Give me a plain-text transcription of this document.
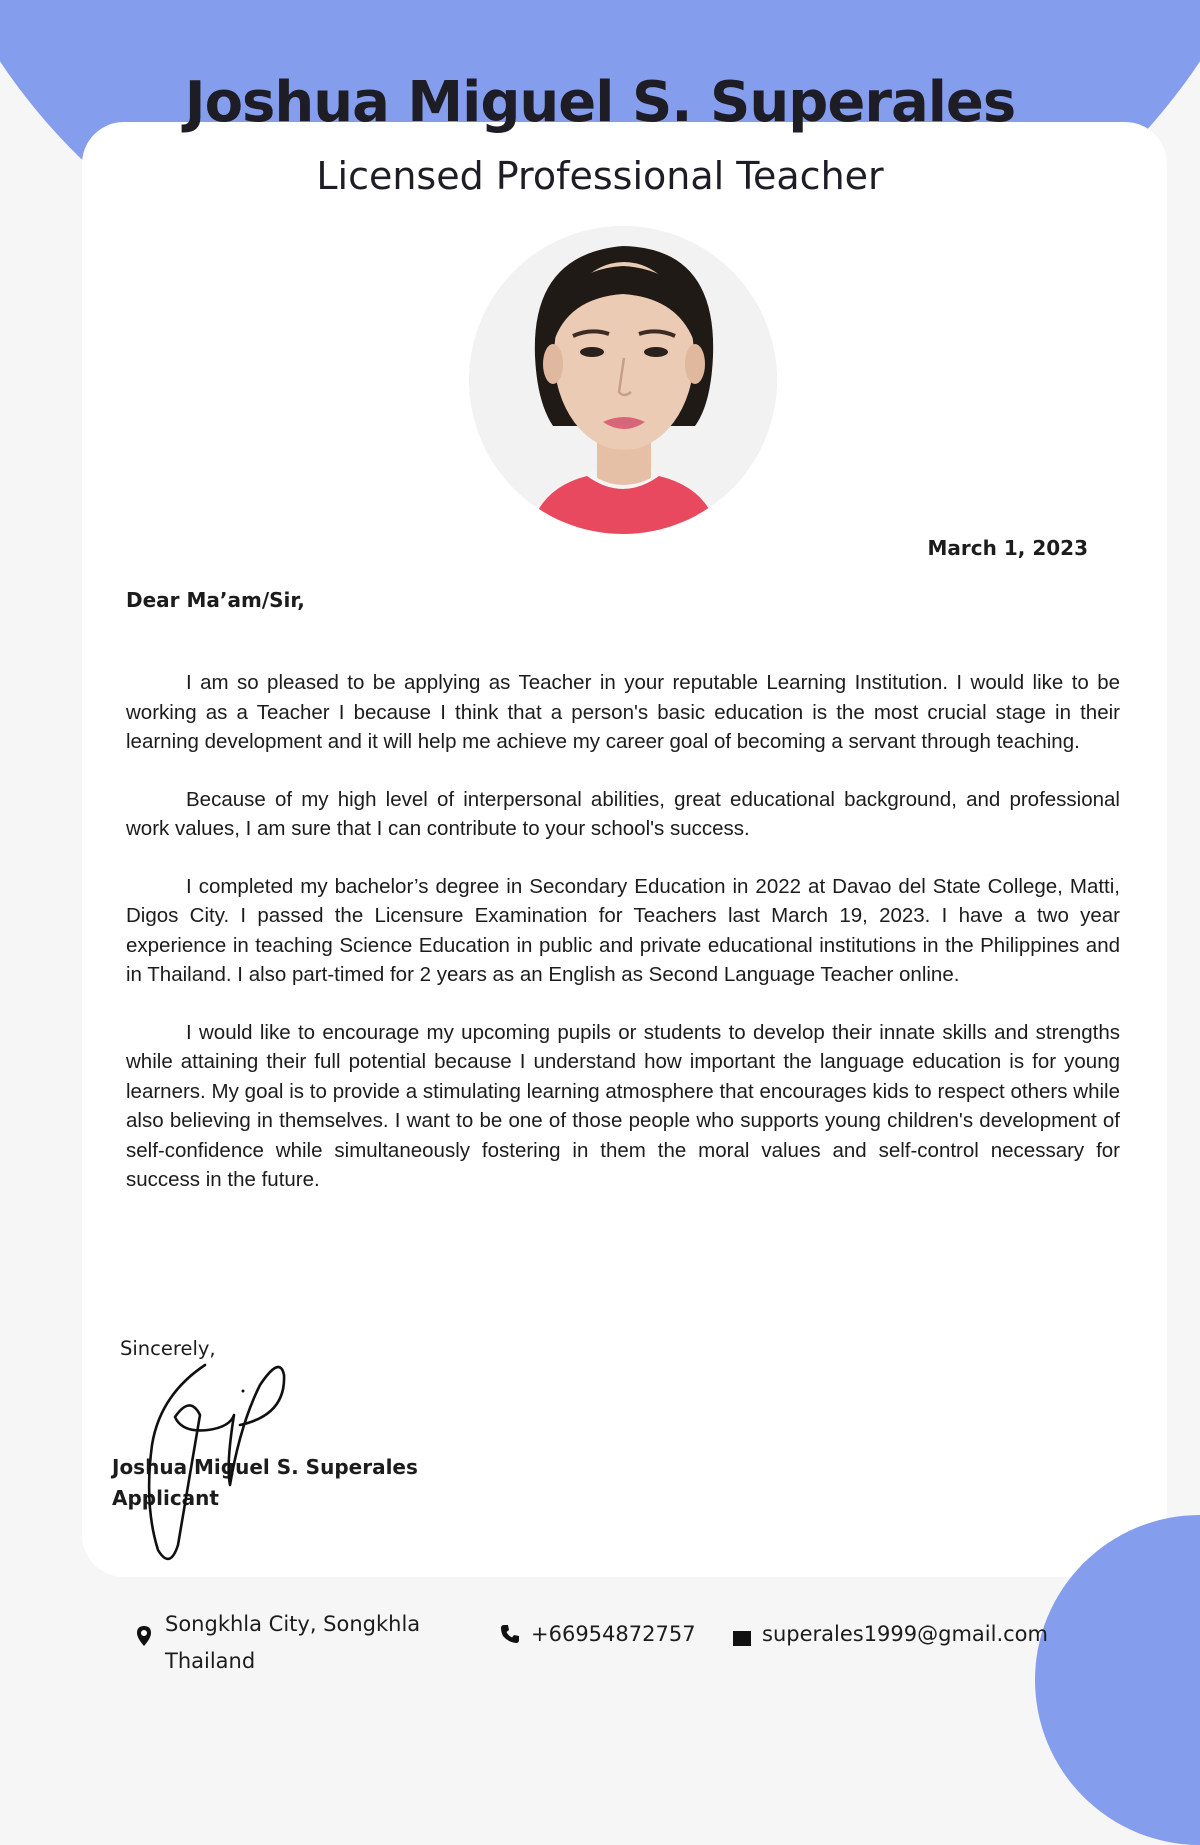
Joshua Miguel S. Superales
Licensed Professional Teacher
March 1, 2023
Dear Ma’am/Sir,

I am so pleased to be applying as Teacher in your reputable Learning Institution. I would like to be working as a Teacher I because I think that a person's basic education is the most crucial stage in their learning development and it will help me achieve my career goal of becoming a servant through teaching.

Because of my high level of interpersonal abilities, great educational background, and professional work values, I am sure that I can contribute to your school's success.

I completed my bachelor’s degree in Secondary Education in 2022 at Davao del State College, Matti, Digos City. I passed the Licensure Examination for Teachers last March 19, 2023. I have a two year experience in teaching Science Education in public and private educational institutions in the Philippines and in Thailand. I also part-timed for 2 years as an English as Second Language Teacher online.

I would like to encourage my upcoming pupils or students to develop their innate skills and strengths while attaining their full potential because I understand how important the language education is for young learners. My goal is to provide a stimulating learning atmosphere that encourages kids to respect others while also believing in themselves. I want to be one of those people who supports young children's development of self-confidence while simultaneously fostering in them the moral values and self-control necessary for success in the future.

Sincerely,
Joshua Miguel S. Superales
Applicant
Songkhla City, Songkhla
Thailand
+66954872757	superales1999@gmail.com
